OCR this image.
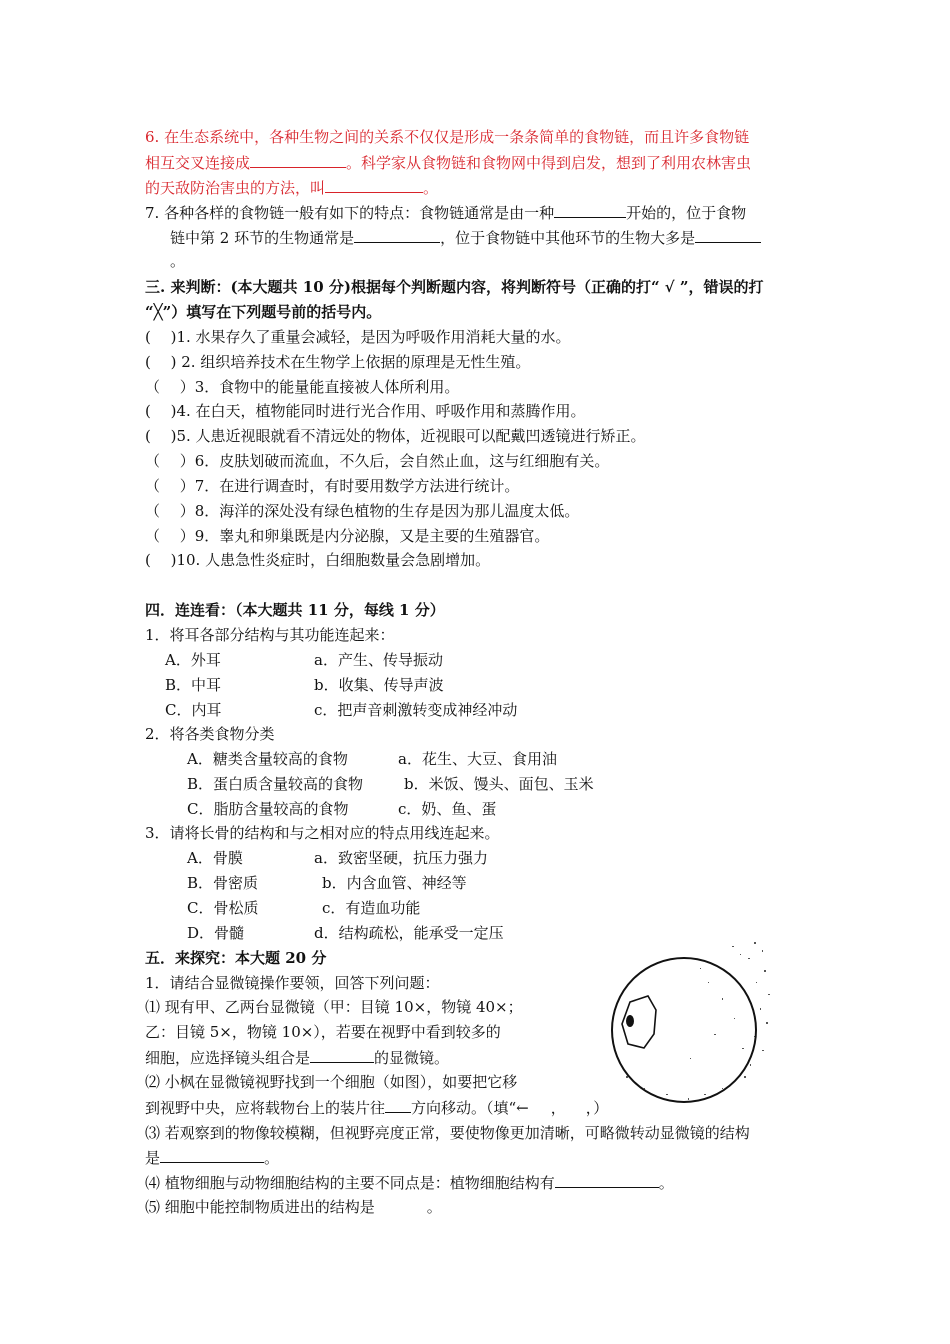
6. 在生态系统中，各种生物之间的关系不仅仅是形成一条条简单的食物链，而且许多食物链
相互交叉连接成	。科学家从食物链和食物网中得到启发，想到了利用农林害虫
的天敌防治害虫的方法，叫	。
7. 各种各样的食物链一般有如下的特点：食物链通常是由一种	开始的，位于食物
链中第 2 环节的生物通常是	，位于食物链中其他环节的生物大多是
。
三. 来判断：(本大题共 10 分)根据每个判断题内容，将判断符号（正确的打“ √ ”，错误的打
“╳”）填写在下列题号前的括号内。
(　 )1. 水果存久了重量会减轻，是因为呼吸作用消耗大量的水。
(　 ) 2. 组织培养技术在生物学上依据的原理是无性生殖。
（　 ）3．食物中的能量能直接被人体所利用。
(　 )4. 在白天，植物能同时进行光合作用、呼吸作用和蒸腾作用。
(　 )5. 人患近视眼就看不清远处的物体，近视眼可以配戴凹透镜进行矫正。
（　 ）6．皮肤划破而流血，不久后，会自然止血，这与红细胞有关。
（　 ）7．在进行调查时，有时要用数学方法进行统计。
（　 ）8．海洋的深处没有绿色植物的生存是因为那儿温度太低。
（　 ）9．睾丸和卵巢既是内分泌腺，又是主要的生殖器官。
(　 )10. 人患急性炎症时，白细胞数量会急剧增加。
四．连连看：（本大题共 11 分，每线 1 分）
1．将耳各部分结构与其功能连起来：
A．外耳
B．中耳
C．内耳
a．产生、传导振动
b．收集、传导声波
c．把声音刺激转变成神经冲动
2．将各类食物分类
A．糖类含量较高的食物
B．蛋白质含量较高的食物
C．脂肪含量较高的食物
a．花生、大豆、食用油
b．米饭、馒头、面包、玉米
c．奶、鱼、蛋
3．请将长骨的结构和与之相对应的特点用线连起来。
A．骨膜
B．骨密质
C．骨松质
D．骨髓
a．致密坚硬，抗压力强力
b．内含血管、神经等
c．有造血功能
d．结构疏松，能承受一定压
五．来探究：本大题 20 分
1．请结合显微镜操作要领，回答下列问题：
⑴ 现有甲、乙两台显微镜（甲：目镜 10×，物镜 40×；
乙：目镜 5×，物镜 10×），若要在视野中看到较多的
细胞，应选择镜头组合是	的显微镜。
⑵ 小枫在显微镜视野找到一个细胞（如图），如要把它移
到视野中央，应将载物台上的装片往 方向移动。（填“← ， ，）
⑶ 若观察到的物像较模糊，但视野亮度正常，要使物像更加清晰，可略微转动显微镜的结构
是	。
⑷ 植物细胞与动物细胞结构的主要不同点是：植物细胞结构有	。
⑸ 细胞中能控制物质进出的结构是	。
